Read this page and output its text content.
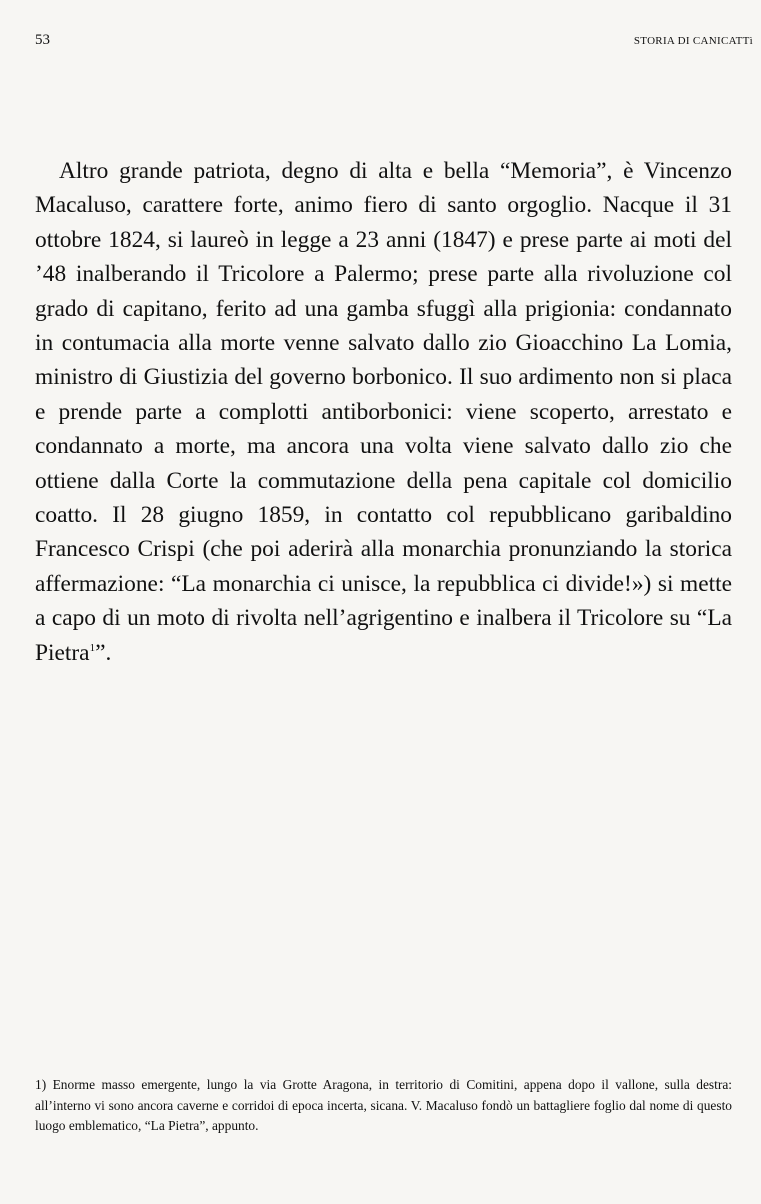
53	STORIA DI CANICATTì

Altro grande patriota, degno di alta e bella “Memoria”, è Vincenzo Macaluso, carattere forte, animo fiero di santo orgoglio. Nacque il 31 ottobre 1824, si laureò in legge a 23 anni (1847) e prese parte ai moti del ’48 inalberando il Tricolore a Palermo; prese parte alla rivoluzione col grado di capitano, ferito ad una gamba sfuggì alla prigionia: condannato in contumacia alla morte venne salvato dallo zio Gioacchino La Lomia, ministro di Giustizia del governo borbonico. Il suo ardimento non si placa e prende parte a complotti antiborbonici: viene scoperto, arrestato e condannato a morte, ma ancora una volta viene salvato dallo zio che ottiene dalla Corte la commutazione della pena capitale col domicilio coatto. Il 28 giugno 1859, in contatto col repubblicano garibaldino Francesco Crispi (che poi aderirà alla monarchia pronunziando la storica affermazione: “La monarchia ci unisce, la repubblica ci divide!») si mette a capo di un moto di rivolta nell’agrigentino e inalbera il Tricolore su “La Pietra$^1$”.

1) Enorme masso emergente, lungo la via Grotte Aragona, in territorio di Comitini, appena dopo il vallone, sulla destra: all’interno vi sono ancora caverne e corridoi di epoca incerta, sicana. V. Macaluso fondò un battagliere foglio dal nome di questo luogo emblematico, “La Pietra”, appunto.
